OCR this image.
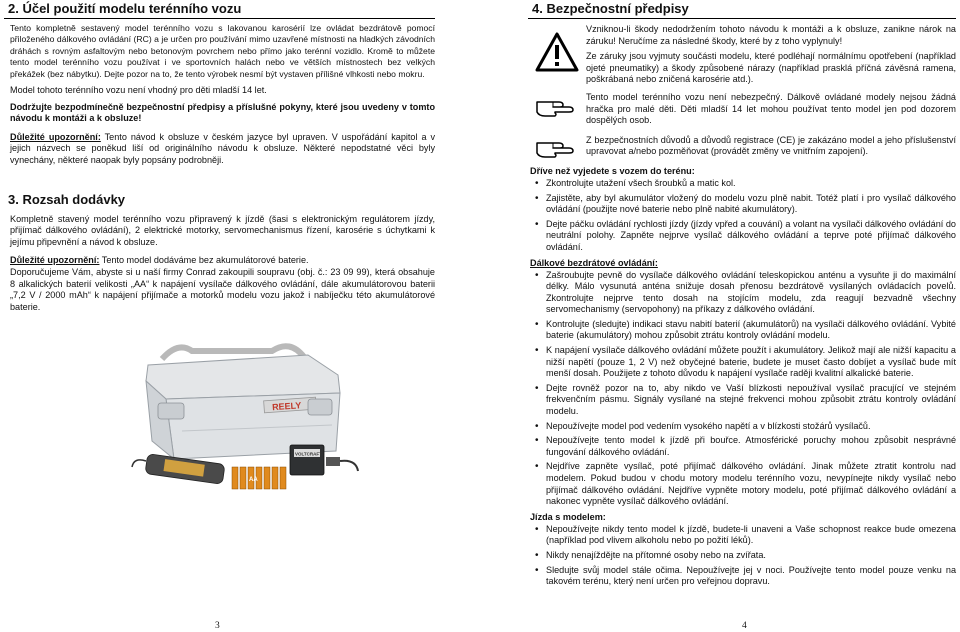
2. Účel použití modelu terénního vozu

Tento kompletně sestavený model terénního vozu s lakovanou karosérií lze ovládat bezdrátově pomocí přiloženého dálkového ovládání (RC) a je určen pro používání mimo uzavřené místnosti na hladkých závodních dráhách s rovným asfaltovým nebo betonovým povrchem nebo přímo jako terénní vozidlo. Kromě to můžete tento model terénního vozu používat i ve sportovních halách nebo ve větších místnostech bez velkých překážek (bez nábytku). Dejte pozor na to, že tento výrobek nesmí být vystaven přílišné vlhkosti nebo mokru.

Model tohoto terénního vozu není vhodný pro děti mladší 14 let.

Dodržujte bezpodmínečně bezpečnostní předpisy a příslušné pokyny, které jsou uvedeny v tomto návodu k montáži a k obsluze!

Důležité upozornění: Tento návod k obsluze v českém jazyce byl upraven. V uspořádání kapitol a v jejich názvech se poněkud liší od originálního návodu k obsluze. Některé nepodstatné věci byly vynechány, některé naopak byly popsány podrobněji.

3. Rozsah dodávky

Kompletně stavený model terénního vozu připravený k jízdě (šasi s elektronickým regulátorem jízdy, přijímač dálkového ovládání), 2 elektrické motorky, servomechanismus řízení, karosérie s úchytkami k jejímu připevnění a návod k obsluze.

Důležité upozornění: Tento model dodáváme bez akumulátorové baterie.

Doporučujeme Vám, abyste si u naší firmy Conrad zakoupili soupravu (obj. č.: 23 09 99), která obsahuje 8 alkalických baterií velikosti „AA“ k napájení vysílače dálkového ovládání, dále akumulátorovou baterii „7,2 V / 2000 mAh“ k napájení přijímače a motorků modelu vozu jakož i nabíječku této akumulátorové baterie.

REELY
VOLTCRAFT
AA
3
4. Bezpečnostní předpisy

Vzniknou-li škody nedodržením tohoto návodu k montáži a k obsluze, zanikne nárok na záruku! Neručíme za následné škody, které by z toho vyplynuly!

Ze záruky jsou vyjmuty součásti modelu, které podléhají normálnímu opotřebení (například ojeté pneumatiky) a škody způsobené nárazy (například prasklá příčná závěsná ramena, poškrábaná nebo zničená karosérie atd.).

Tento model terénního vozu není nebezpečný. Dálkově ovládané modely nejsou žádná hračka pro malé děti. Děti mladší 14 let mohou používat tento model jen pod dozorem dospělých osob.

Z bezpečnostních důvodů a důvodů registrace (CE) je zakázáno model a jeho příslušenství upravovat a/nebo pozměňovat (provádět změny ve vnitřním zapojení).

Dříve než vyjedete s vozem do terénu:
• Zkontrolujte utažení všech šroubků a matic kol.
• Zajistěte, aby byl akumulátor vložený do modelu vozu plně nabit. Totéž platí i pro vysílač dálkového ovládání (použijte nové baterie nebo plně nabité akumulátory).
• Dejte páčku ovládání rychlosti jízdy (jízdy vpřed a couvání) a volant na vysílači dálkového ovládání do neutrální polohy. Zapněte nejprve vysílač dálkového ovládání a teprve poté přijímač dálkového ovládání.
Dálkové bezdrátové ovládání:
• Zašroubujte pevně do vysílače dálkového ovládání teleskopickou anténu a vysuňte ji do maximální délky. Málo vysunutá anténa snižuje dosah přenosu bezdrátově vysílaných ovládacích povelů. Zkontrolujte nejprve tento dosah na stojícím modelu, zda reagují bezvadně všechny servomechanismy (servopohony) na příkazy z dálkového ovládání.
• Kontrolujte (sledujte) indikaci stavu nabití baterií (akumulátorů) na vysílači dálkového ovládání. Vybité baterie (akumulátory) mohou způsobit ztrátu kontroly ovládání modelu.
• K napájení vysílače dálkového ovládání můžete použít i akumulátory. Jelikož mají ale nižší kapacitu a nižší napětí (pouze 1, 2 V) než obyčejné baterie, budete je muset často dobíjet a vysílač bude mít menší dosah. Použijete z tohoto důvodu k napájení vysílače raději kvalitní alkalické baterie.
• Dejte rovněž pozor na to, aby nikdo ve Vaší blízkosti nepoužíval vysílač pracující ve stejném frekvenčním pásmu. Signály vysílané na stejné frekvenci mohou způsobit ztrátu kontroly ovládání modelu.
• Nepoužívejte model pod vedením vysokého napětí a v blízkosti stožárů vysílačů.
• Nepoužívejte tento model k jízdě při bouřce. Atmosférické poruchy mohou způsobit nesprávné fungování dálkového ovládání.
• Nejdříve zapněte vysílač, poté přijímač dálkového ovládání. Jinak můžete ztratit kontrolu nad modelem. Pokud budou v chodu motory modelu terénního vozu, nevypínejte nikdy vysílač nebo přijímač dálkového ovládání. Nejdříve vypněte motory modelu, poté přijímač dálkového ovládání a nakonec vypněte vysílač dálkového ovládání.
Jízda s modelem:
• Nepoužívejte nikdy tento model k jízdě, budete-li unaveni a Vaše schopnost reakce bude omezena (například pod vlivem alkoholu nebo po požití léků).
• Nikdy nenajíždějte na přítomné osoby nebo na zvířata.
• Sledujte svůj model stále očima. Nepoužívejte jej v noci. Používejte tento model pouze venku na takovém terénu, který není určen pro veřejnou dopravu.
4
